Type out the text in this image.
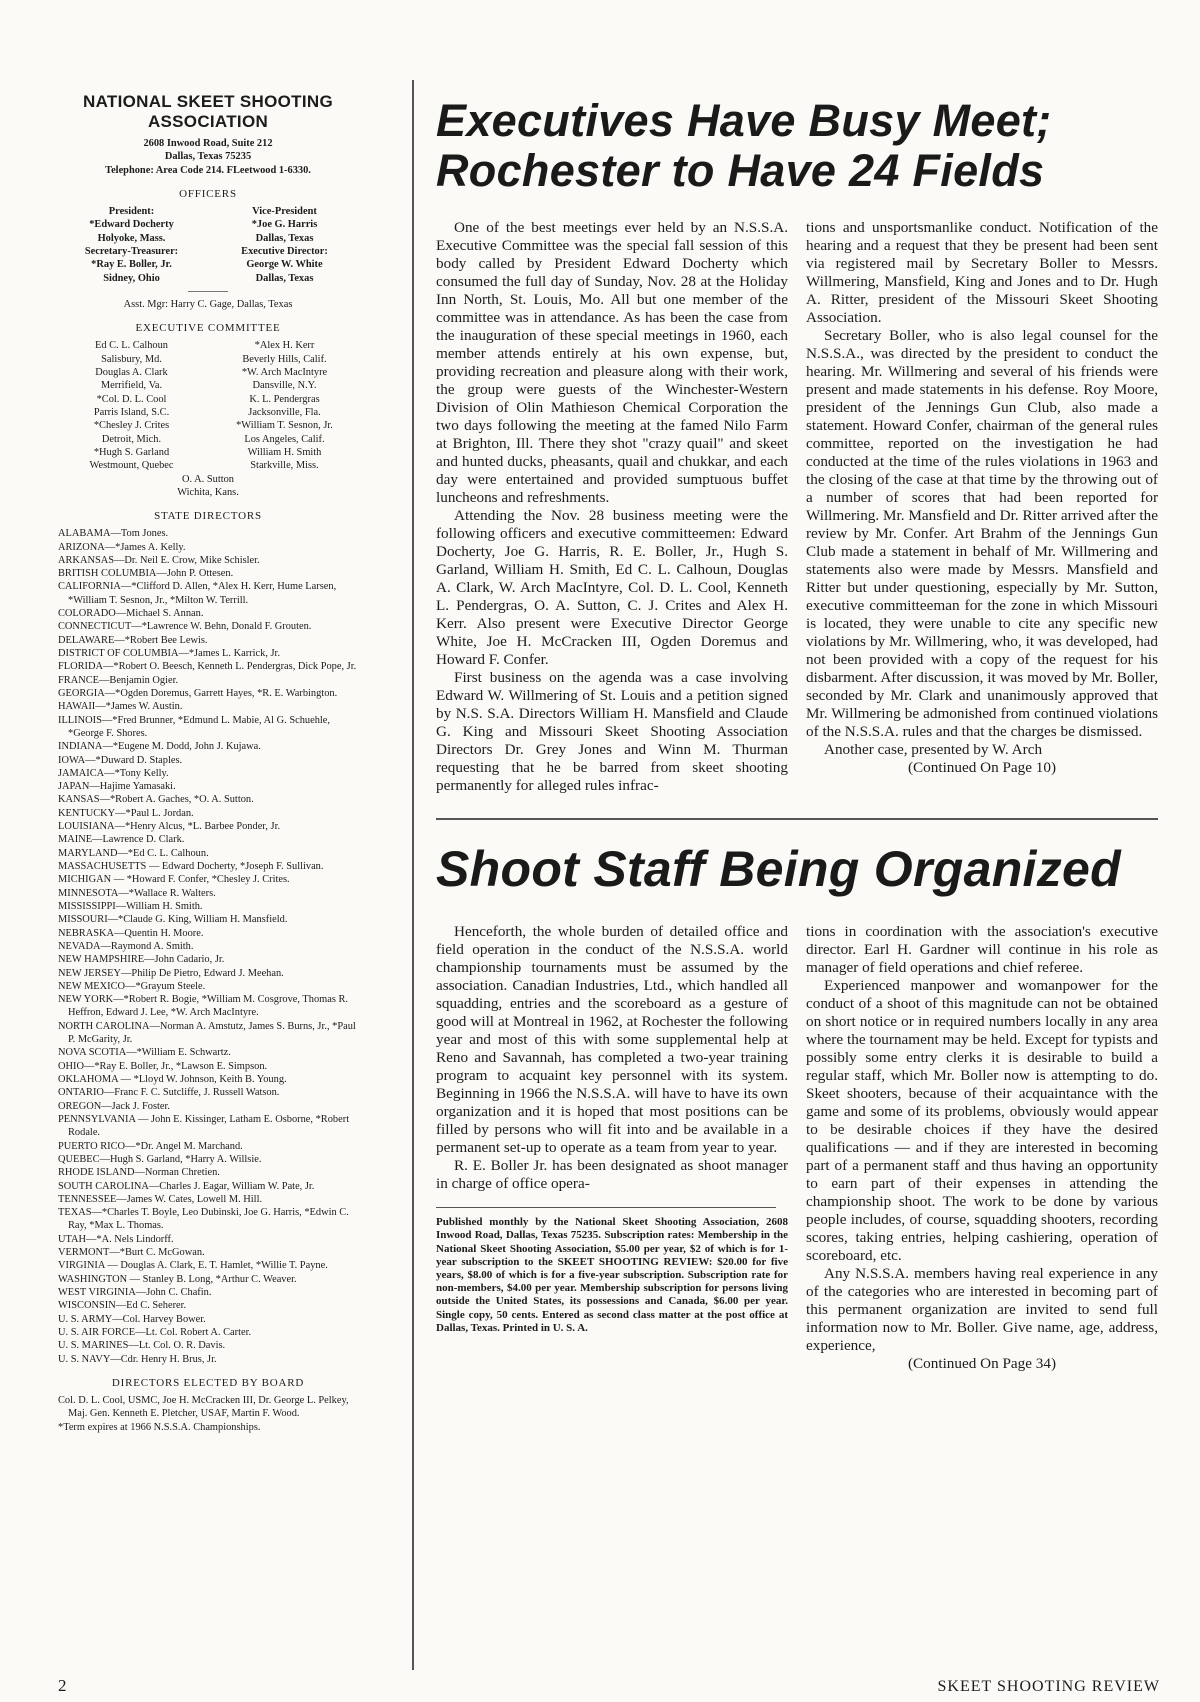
NATIONAL SKEET SHOOTING
ASSOCIATION
2608 Inwood Road, Suite 212
Dallas, Texas 75235
Telephone: Area Code 214. FLeetwood 1-6330.
OFFICERS
President:
*Edward Docherty
Holyoke, Mass.
Secretary-Treasurer:
*Ray E. Boller, Jr.
Sidney, Ohio
Vice-President
*Joe G. Harris
Dallas, Texas
Executive Director:
George W. White
Dallas, Texas
Asst. Mgr: Harry C. Gage, Dallas, Texas
EXECUTIVE COMMITTEE
Ed C. L. Calhoun
Salisbury, Md.
Douglas A. Clark
Merrifield, Va.
*Col. D. L. Cool
Parris Island, S.C.
*Chesley J. Crites
Detroit, Mich.
*Hugh S. Garland
Westmount, Quebec
*Alex H. Kerr
Beverly Hills, Calif.
*W. Arch MacIntyre
Dansville, N.Y.
K. L. Pendergras
Jacksonville, Fla.
*William T. Sesnon, Jr.
Los Angeles, Calif.
William H. Smith
Starkville, Miss.
O. A. Sutton
Wichita, Kans.
STATE DIRECTORS

ALABAMA—Tom Jones.

ARIZONA—*James A. Kelly.

ARKANSAS—Dr. Neil E. Crow, Mike Schisler.

BRITISH COLUMBIA—John P. Ottesen.

CALIFORNIA—*Clifford D. Allen, *Alex H. Kerr, Hume Larsen, *William T. Sesnon, Jr., *Milton W. Terrill.

COLORADO—Michael S. Annan.

CONNECTICUT—*Lawrence W. Behn, Donald F. Grouten.

DELAWARE—*Robert Bee Lewis.

DISTRICT OF COLUMBIA—*James L. Karrick, Jr.

FLORIDA—*Robert O. Beesch, Kenneth L. Pendergras, Dick Pope, Jr.

FRANCE—Benjamin Ogier.

GEORGIA—*Ogden Doremus, Garrett Hayes, *R. E. Warbington.

HAWAII—*James W. Austin.

ILLINOIS—*Fred Brunner, *Edmund L. Mabie, Al G. Schuehle, *George F. Shores.

INDIANA—*Eugene M. Dodd, John J. Kujawa.

IOWA—*Duward D. Staples.

JAMAICA—*Tony Kelly.

JAPAN—Hajime Yamasaki.

KANSAS—*Robert A. Gaches, *O. A. Sutton.

KENTUCKY—*Paul L. Jordan.

LOUISIANA—*Henry Alcus, *L. Barbee Ponder, Jr.

MAINE—Lawrence D. Clark.

MARYLAND—*Ed C. L. Calhoun.

MASSACHUSETTS — Edward Docherty, *Joseph F. Sullivan.

MICHIGAN — *Howard F. Confer, *Chesley J. Crites.

MINNESOTA—*Wallace R. Walters.

MISSISSIPPI—William H. Smith.

MISSOURI—*Claude G. King, William H. Mansfield.

NEBRASKA—Quentin H. Moore.

NEVADA—Raymond A. Smith.

NEW HAMPSHIRE—John Cadario, Jr.

NEW JERSEY—Philip De Pietro, Edward J. Meehan.

NEW MEXICO—*Grayum Steele.

NEW YORK—*Robert R. Bogie, *William M. Cosgrove, Thomas R. Heffron, Edward J. Lee, *W. Arch MacIntyre.

NORTH CAROLINA—Norman A. Amstutz, James S. Burns, Jr., *Paul P. McGarity, Jr.

NOVA SCOTIA—*William E. Schwartz.

OHIO—*Ray E. Boller, Jr., *Lawson E. Simpson.

OKLAHOMA — *Lloyd W. Johnson, Keith B. Young.

ONTARIO—Franc F. C. Sutcliffe, J. Russell Watson.

OREGON—Jack J. Foster.

PENNSYLVANIA — John E. Kissinger, Latham E. Osborne, *Robert Rodale.

PUERTO RICO—*Dr. Angel M. Marchand.

QUEBEC—Hugh S. Garland, *Harry A. Willsie.

RHODE ISLAND—Norman Chretien.

SOUTH CAROLINA—Charles J. Eagar, William W. Pate, Jr.

TENNESSEE—James W. Cates, Lowell M. Hill.

TEXAS—*Charles T. Boyle, Leo Dubinski, Joe G. Harris, *Edwin C. Ray, *Max L. Thomas.

UTAH—*A. Nels Lindorff.

VERMONT—*Burt C. McGowan.

VIRGINIA — Douglas A. Clark, E. T. Hamlet, *Willie T. Payne.

WASHINGTON — Stanley B. Long, *Arthur C. Weaver.

WEST VIRGINIA—John C. Chafin.

WISCONSIN—Ed C. Seherer.

U. S. ARMY—Col. Harvey Bower.

U. S. AIR FORCE—Lt. Col. Robert A. Carter.

U. S. MARINES—Lt. Col. O. R. Davis.

U. S. NAVY—Cdr. Henry H. Brus, Jr.

DIRECTORS ELECTED BY BOARD

Col. D. L. Cool, USMC, Joe H. McCracken III, Dr. George L. Pelkey, Maj. Gen. Kenneth E. Pletcher, USAF, Martin F. Wood.

*Term expires at 1966 N.S.S.A. Championships.

Executives Have Busy Meet;
Rochester to Have 24 Fields

One of the best meetings ever held by an N.S.S.A. Executive Committee was the special fall session of this body called by President Edward Docherty which consumed the full day of Sunday, Nov. 28 at the Holiday Inn North, St. Louis, Mo. All but one member of the committee was in attendance. As has been the case from the inauguration of these special meetings in 1960, each member attends entirely at his own expense, but, providing recreation and pleasure along with their work, the group were guests of the Winchester-Western Division of Olin Mathieson Chemical Corporation the two days following the meeting at the famed Nilo Farm at Brighton, Ill. There they shot "crazy quail" and skeet and hunted ducks, pheasants, quail and chukkar, and each day were entertained and provided sumptuous buffet luncheons and refreshments.

Attending the Nov. 28 business meeting were the following officers and executive committeemen: Edward Docherty, Joe G. Harris, R. E. Boller, Jr., Hugh S. Garland, William H. Smith, Ed C. L. Calhoun, Douglas A. Clark, W. Arch MacIntyre, Col. D. L. Cool, Kenneth L. Pendergras, O. A. Sutton, C. J. Crites and Alex H. Kerr. Also present were Executive Director George White, Joe H. McCracken III, Ogden Doremus and Howard F. Confer.

First business on the agenda was a case involving Edward W. Willmering of St. Louis and a petition signed by N.S. S.A. Directors William H. Mansfield and Claude G. King and Missouri Skeet Shooting Association Directors Dr. Grey Jones and Winn M. Thurman requesting that he be barred from skeet shooting permanently for alleged rules infrac-

tions and unsportsmanlike conduct. Notification of the hearing and a request that they be present had been sent via registered mail by Secretary Boller to Messrs. Willmering, Mansfield, King and Jones and to Dr. Hugh A. Ritter, president of the Missouri Skeet Shooting Association.

Secretary Boller, who is also legal counsel for the N.S.S.A., was directed by the president to conduct the hearing. Mr. Willmering and several of his friends were present and made statements in his defense. Roy Moore, president of the Jennings Gun Club, also made a statement. Howard Confer, chairman of the general rules committee, reported on the investigation he had conducted at the time of the rules violations in 1963 and the closing of the case at that time by the throwing out of a number of scores that had been reported for Willmering. Mr. Mansfield and Dr. Ritter arrived after the review by Mr. Confer. Art Brahm of the Jennings Gun Club made a statement in behalf of Mr. Willmering and statements also were made by Messrs. Mansfield and Ritter but under questioning, especially by Mr. Sutton, executive committeeman for the zone in which Missouri is located, they were unable to cite any specific new violations by Mr. Willmering, who, it was developed, had not been provided with a copy of the request for his disbarment. After discussion, it was moved by Mr. Boller, seconded by Mr. Clark and unanimously approved that Mr. Willmering be admonished from continued violations of the N.S.S.A. rules and that the charges be dismissed.

Another case, presented by W. Arch

(Continued On Page 10)

Shoot Staff Being Organized

Henceforth, the whole burden of detailed office and field operation in the conduct of the N.S.S.A. world championship tournaments must be assumed by the association. Canadian Industries, Ltd., which handled all squadding, entries and the scoreboard as a gesture of good will at Montreal in 1962, at Rochester the following year and most of this with some supplemental help at Reno and Savannah, has completed a two-year training program to acquaint key personnel with its system. Beginning in 1966 the N.S.S.A. will have to have its own organization and it is hoped that most positions can be filled by persons who will fit into and be available in a permanent set-up to operate as a team from year to year.

R. E. Boller Jr. has been designated as shoot manager in charge of office opera-

Published monthly by the National Skeet Shooting Association, 2608 Inwood Road, Dallas, Texas 75235. Subscription rates: Membership in the National Skeet Shooting Association, $5.00 per year, $2 of which is for 1-year subscription to the SKEET SHOOTING REVIEW: $20.00 for five years, $8.00 of which is for a five-year subscription. Subscription rate for non-members, $4.00 per year. Membership subscription for persons living outside the United States, its possessions and Canada, $6.00 per year. Single copy, 50 cents. Entered as second class matter at the post office at Dallas, Texas. Printed in U. S. A.

tions in coordination with the association's executive director. Earl H. Gardner will continue in his role as manager of field operations and chief referee.

Experienced manpower and womanpower for the conduct of a shoot of this magnitude can not be obtained on short notice or in required numbers locally in any area where the tournament may be held. Except for typists and possibly some entry clerks it is desirable to build a regular staff, which Mr. Boller now is attempting to do. Skeet shooters, because of their acquaintance with the game and some of its problems, obviously would appear to be desirable choices if they have the desired qualifications — and if they are interested in becoming part of a permanent staff and thus having an opportunity to earn part of their expenses in attending the championship shoot. The work to be done by various people includes, of course, squadding shooters, recording scores, taking entries, helping cashiering, operation of scoreboard, etc.

Any N.S.S.A. members having real experience in any of the categories who are interested in becoming part of this permanent organization are invited to send full information now to Mr. Boller. Give name, age, address, experience,

(Continued On Page 34)

2	SKEET SHOOTING REVIEW
